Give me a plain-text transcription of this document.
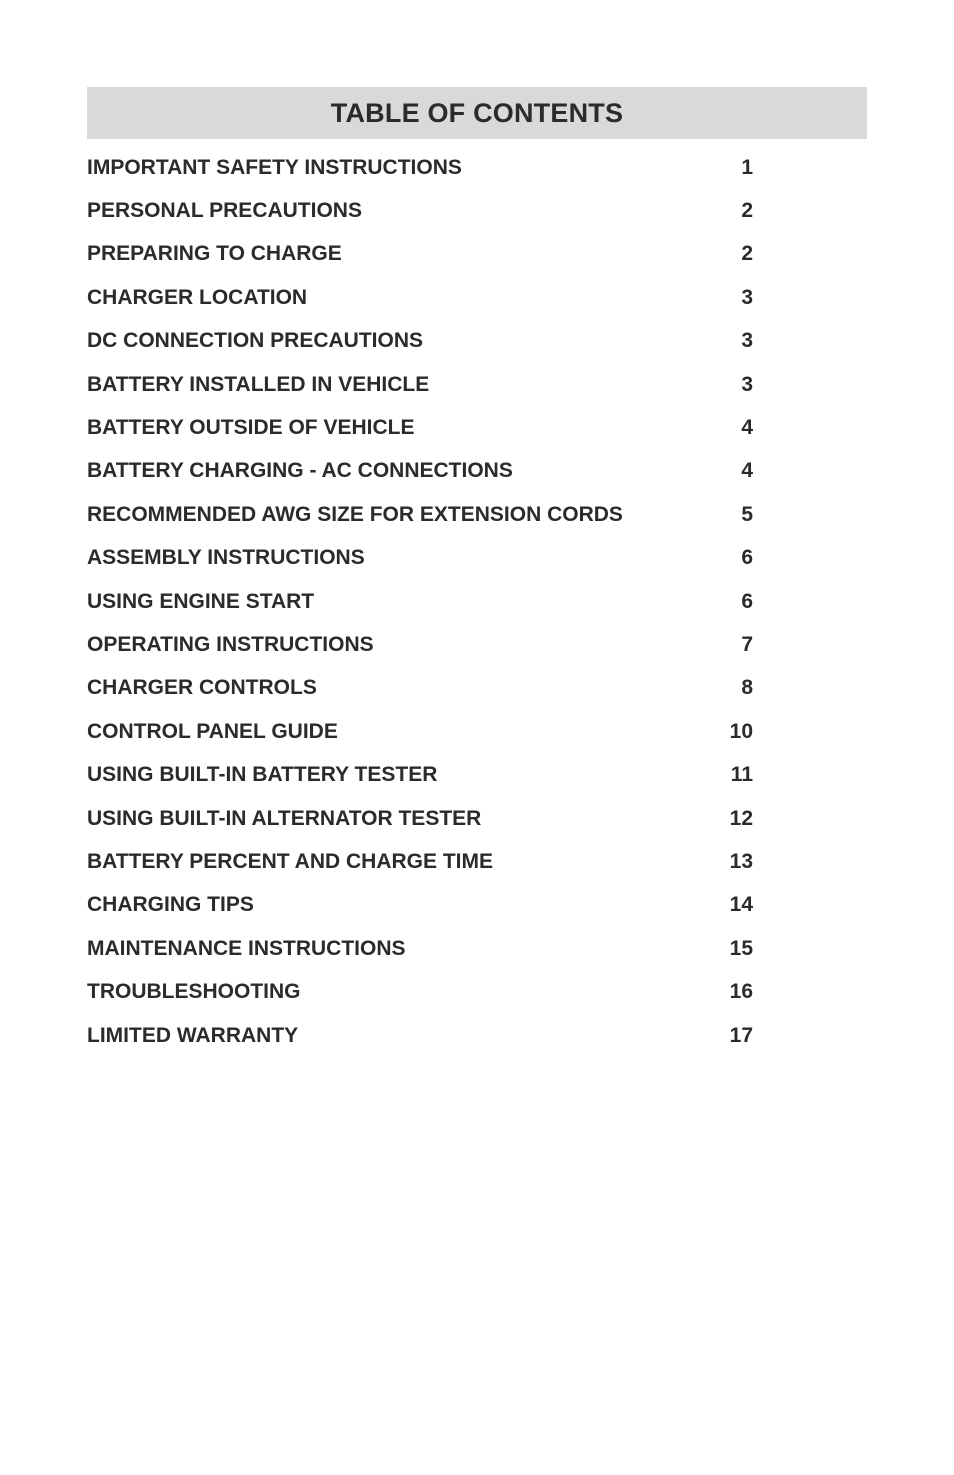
TABLE OF CONTENTS
IMPORTANT SAFETY INSTRUCTIONS	1
PERSONAL PRECAUTIONS	2
PREPARING TO CHARGE	2
CHARGER LOCATION	3
DC CONNECTION PRECAUTIONS	3
BATTERY INSTALLED IN VEHICLE	3
BATTERY OUTSIDE OF VEHICLE	4
BATTERY CHARGING - AC CONNECTIONS	4
RECOMMENDED AWG SIZE FOR EXTENSION CORDS	5
ASSEMBLY INSTRUCTIONS	6
USING ENGINE START	6
OPERATING INSTRUCTIONS	7
CHARGER CONTROLS	8
CONTROL PANEL GUIDE	10
USING BUILT-IN BATTERY TESTER	11
USING BUILT-IN ALTERNATOR TESTER	12
BATTERY PERCENT AND CHARGE TIME	13
CHARGING TIPS	14
MAINTENANCE INSTRUCTIONS	15
TROUBLESHOOTING	16
LIMITED WARRANTY	17
